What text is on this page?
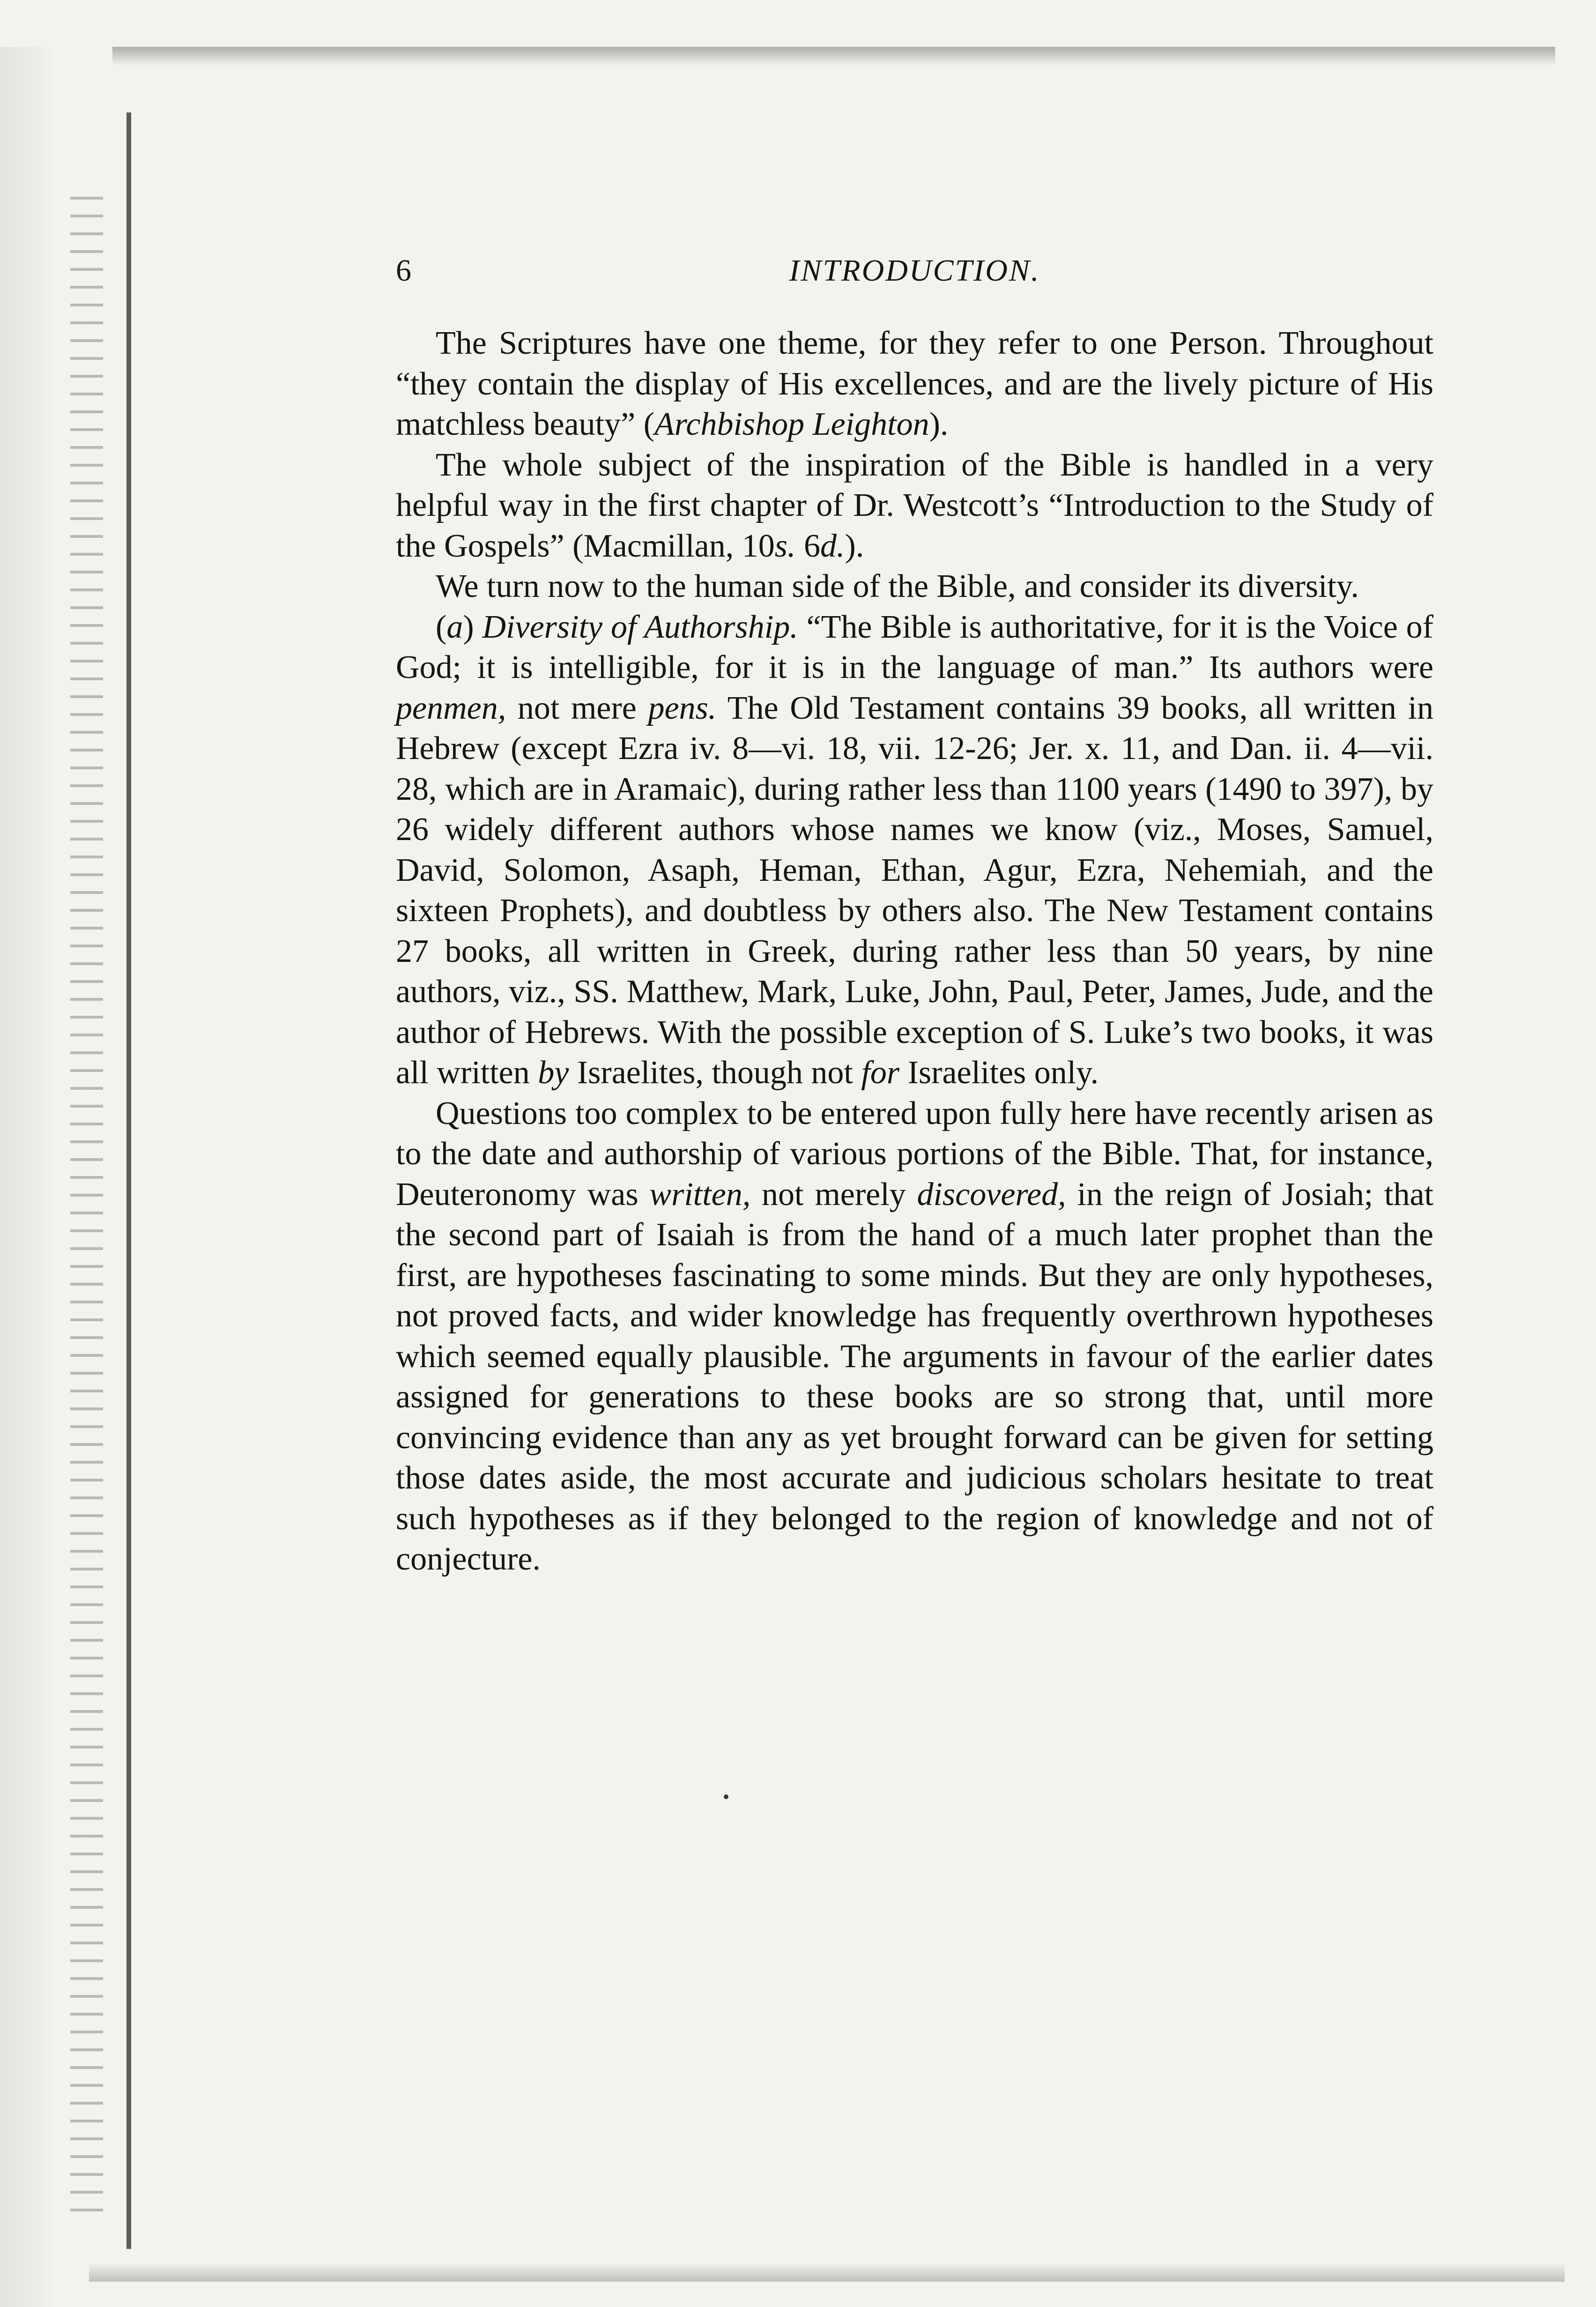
6	INTRODUCTION.

The Scriptures have one theme, for they refer to one Person. Throughout “they contain the display of His excellences, and are the lively picture of His matchless beauty” (Archbishop Leighton).

The whole subject of the inspiration of the Bible is handled in a very helpful way in the first chapter of Dr. Westcott’s “Introduction to the Study of the Gospels” (Macmillan, 10s. 6d.).

We turn now to the human side of the Bible, and consider its diversity.

(a) Diversity of Authorship. “The Bible is authoritative, for it is the Voice of God; it is intelligible, for it is in the language of man.” Its authors were penmen, not mere pens. The Old Testament contains 39 books, all written in Hebrew (except Ezra iv. 8—vi. 18, vii. 12-26; Jer. x. 11, and Dan. ii. 4—vii. 28, which are in Aramaic), during rather less than 1100 years (1490 to 397), by 26 widely different authors whose names we know (viz., Moses, Samuel, David, Solomon, Asaph, Heman, Ethan, Agur, Ezra, Nehemiah, and the sixteen Prophets), and doubtless by others also. The New Testament contains 27 books, all written in Greek, during rather less than 50 years, by nine authors, viz., SS. Matthew, Mark, Luke, John, Paul, Peter, James, Jude, and the author of Hebrews. With the possible exception of S. Luke’s two books, it was all written by Israelites, though not for Israelites only.

Questions too complex to be entered upon fully here have recently arisen as to the date and authorship of various portions of the Bible. That, for instance, Deuteronomy was written, not merely discovered, in the reign of Josiah; that the second part of Isaiah is from the hand of a much later prophet than the first, are hypotheses fascinating to some minds. But they are only hypotheses, not proved facts, and wider knowledge has frequently overthrown hypotheses which seemed equally plausible. The arguments in favour of the earlier dates assigned for generations to these books are so strong that, until more convincing evidence than any as yet brought forward can be given for setting those dates aside, the most accurate and judicious scholars hesitate to treat such hypotheses as if they belonged to the region of knowledge and not of conjecture.
